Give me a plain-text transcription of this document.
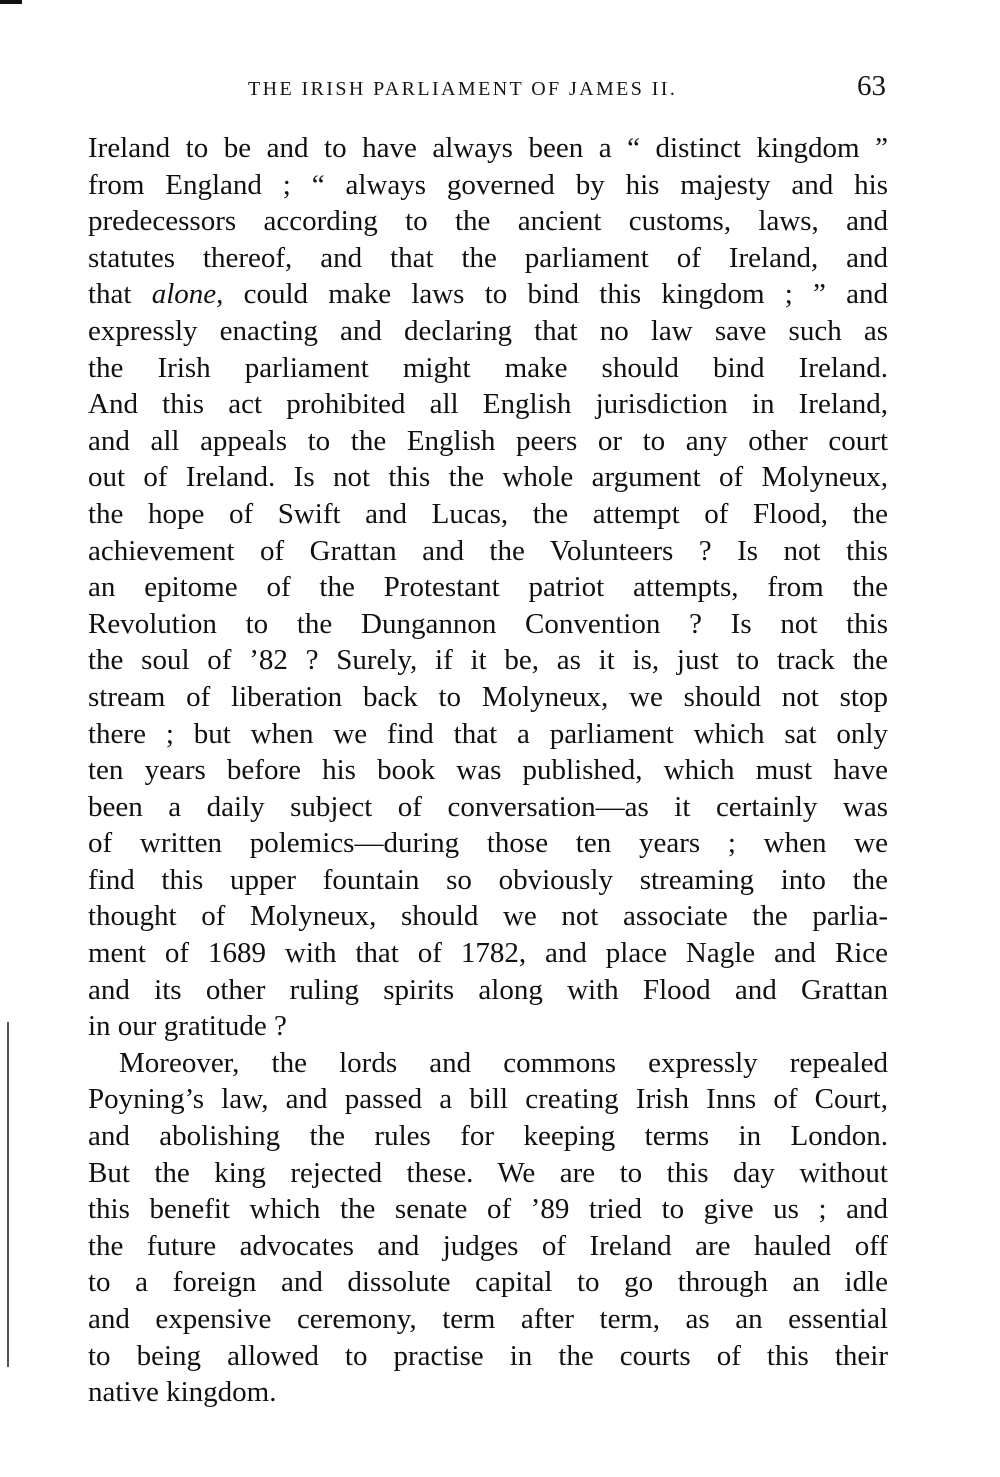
THE IRISH PARLIAMENT OF JAMES II.	63
Ireland to be and to have always been a “ distinct kingdom ”
from England ; “ always governed by his majesty and his
predecessors according to the ancient customs, laws, and
statutes thereof, and that the parliament of Ireland, and
that alone, could make laws to bind this kingdom ; ” and
expressly enacting and declaring that no law save such as
the Irish parliament might make should bind Ireland.
And this act prohibited all English jurisdiction in Ireland,
and all appeals to the English peers or to any other court
out of Ireland. Is not this the whole argument of Molyneux,
the hope of Swift and Lucas, the attempt of Flood, the
achievement of Grattan and the Volunteers ? Is not this
an epitome of the Protestant patriot attempts, from the
Revolution to the Dungannon Convention ? Is not this
the soul of ’82 ? Surely, if it be, as it is, just to track the
stream of liberation back to Molyneux, we should not stop
there ; but when we find that a parliament which sat only
ten years before his book was published, which must have
been a daily subject of conversation—as it certainly was
of written polemics—during those ten years ; when we
find this upper fountain so obviously streaming into the
thought of Molyneux, should we not associate the parlia-
ment of 1689 with that of 1782, and place Nagle and Rice
and its other ruling spirits along with Flood and Grattan
in our gratitude ?
Moreover, the lords and commons expressly repealed
Poyning’s law, and passed a bill creating Irish Inns of Court,
and abolishing the rules for keeping terms in London.
But the king rejected these. We are to this day without
this benefit which the senate of ’89 tried to give us ; and
the future advocates and judges of Ireland are hauled off
to a foreign and dissolute capital to go through an idle
and expensive ceremony, term after term, as an essential
to being allowed to practise in the courts of this their
native kingdom.
